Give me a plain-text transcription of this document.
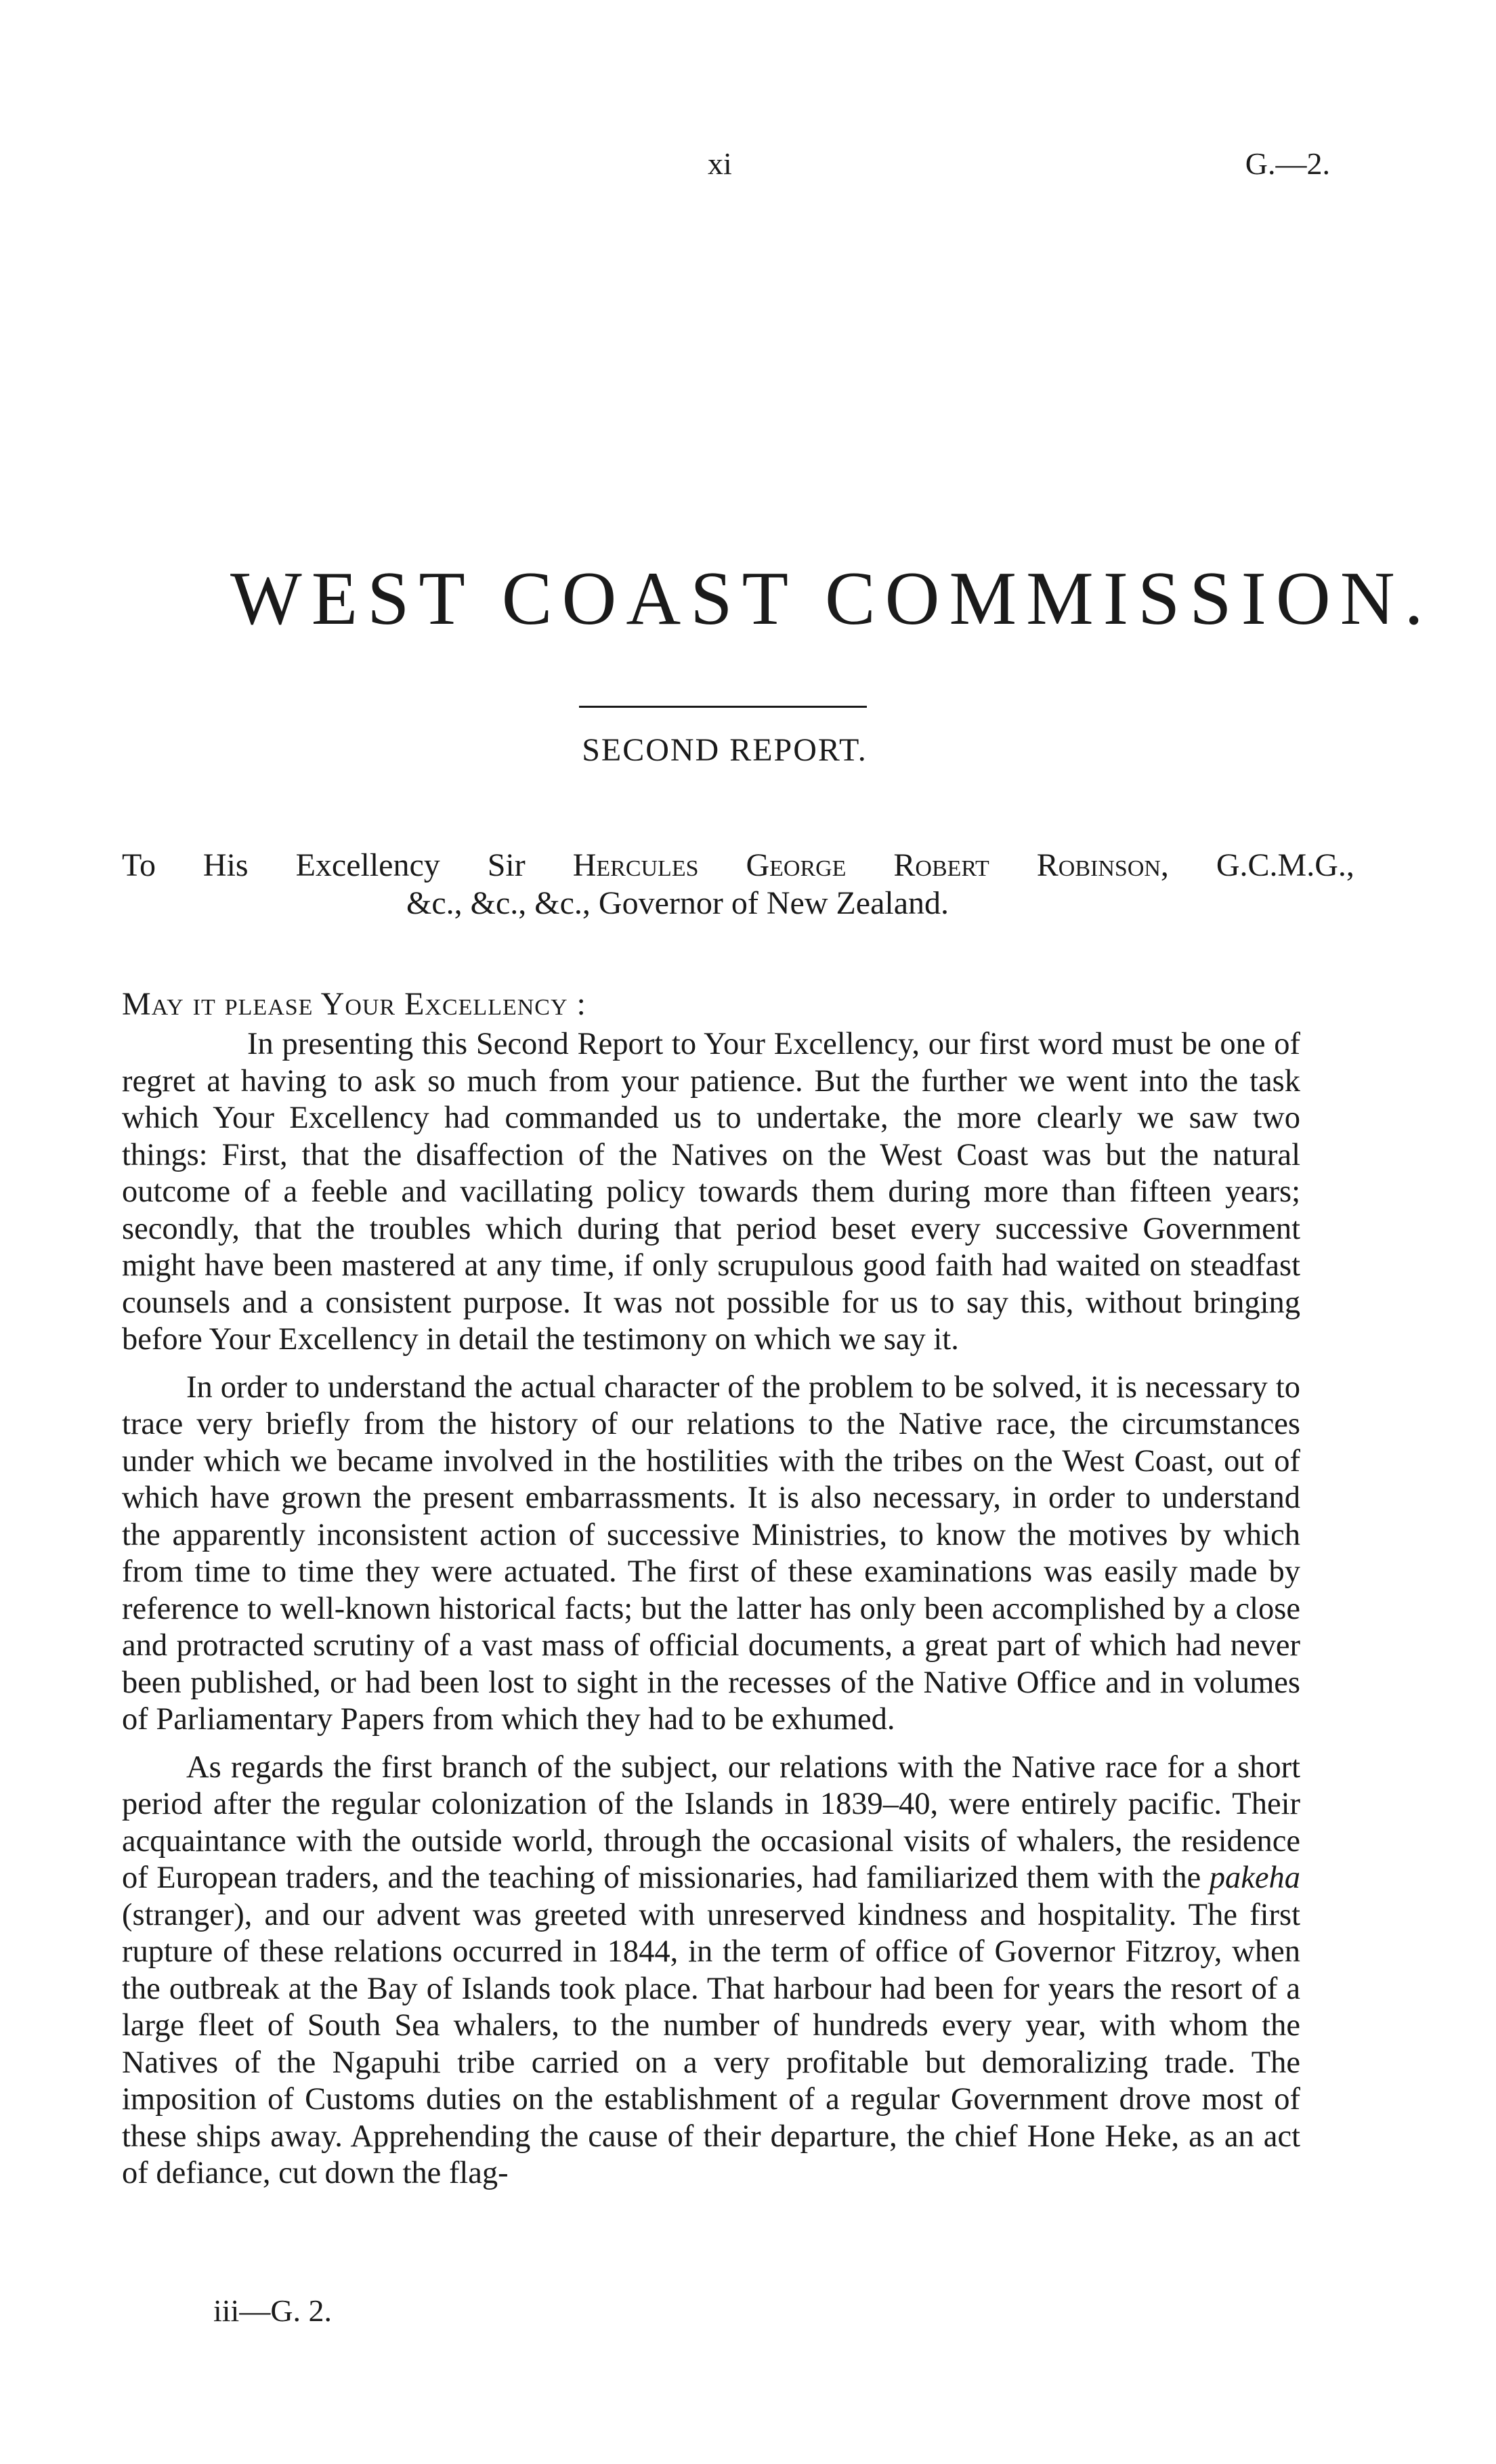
xi	G.—2.
WEST COAST COMMISSION.
SECOND REPORT.
To His Excellency Sir Hercules George Robert Robinson, G.C.M.G.,
&c., &c., &c., Governor of New Zealand.
May it please Your Excellency :

In presenting this Second Report to Your Excellency, our first word must be one of regret at having to ask so much from your patience. But the further we went into the task which Your Excellency had commanded us to undertake, the more clearly we saw two things: First, that the disaffection of the Natives on the West Coast was but the natural outcome of a feeble and vacillating policy towards them during more than fifteen years; secondly, that the troubles which during that period beset every successive Government might have been mastered at any time, if only scrupulous good faith had waited on steadfast counsels and a consistent purpose. It was not possible for us to say this, without bringing before Your Excellency in detail the testimony on which we say it.

In order to understand the actual character of the problem to be solved, it is necessary to trace very briefly from the history of our relations to the Native race, the circumstances under which we became involved in the hostilities with the tribes on the West Coast, out of which have grown the present embarrassments. It is also necessary, in order to understand the apparently inconsistent action of successive Ministries, to know the motives by which from time to time they were actuated. The first of these examinations was easily made by reference to well-known historical facts; but the latter has only been accomplished by a close and protracted scrutiny of a vast mass of official documents, a great part of which had never been published, or had been lost to sight in the recesses of the Native Office and in volumes of Parliamentary Papers from which they had to be exhumed.

As regards the first branch of the subject, our relations with the Native race for a short period after the regular colonization of the Islands in 1839–40, were entirely pacific. Their acquaintance with the outside world, through the occasional visits of whalers, the residence of European traders, and the teaching of missionaries, had familiarized them with the pakeha (stranger), and our advent was greeted with unreserved kindness and hospitality. The first rupture of these relations occurred in 1844, in the term of office of Governor Fitzroy, when the outbreak at the Bay of Islands took place. That harbour had been for years the resort of a large fleet of South Sea whalers, to the number of hundreds every year, with whom the Natives of the Ngapuhi tribe carried on a very profitable but demoralizing trade. The imposition of Customs duties on the establishment of a regular Government drove most of these ships away. Apprehending the cause of their departure, the chief Hone Heke, as an act of defiance, cut down the flag-

iii—G. 2.
